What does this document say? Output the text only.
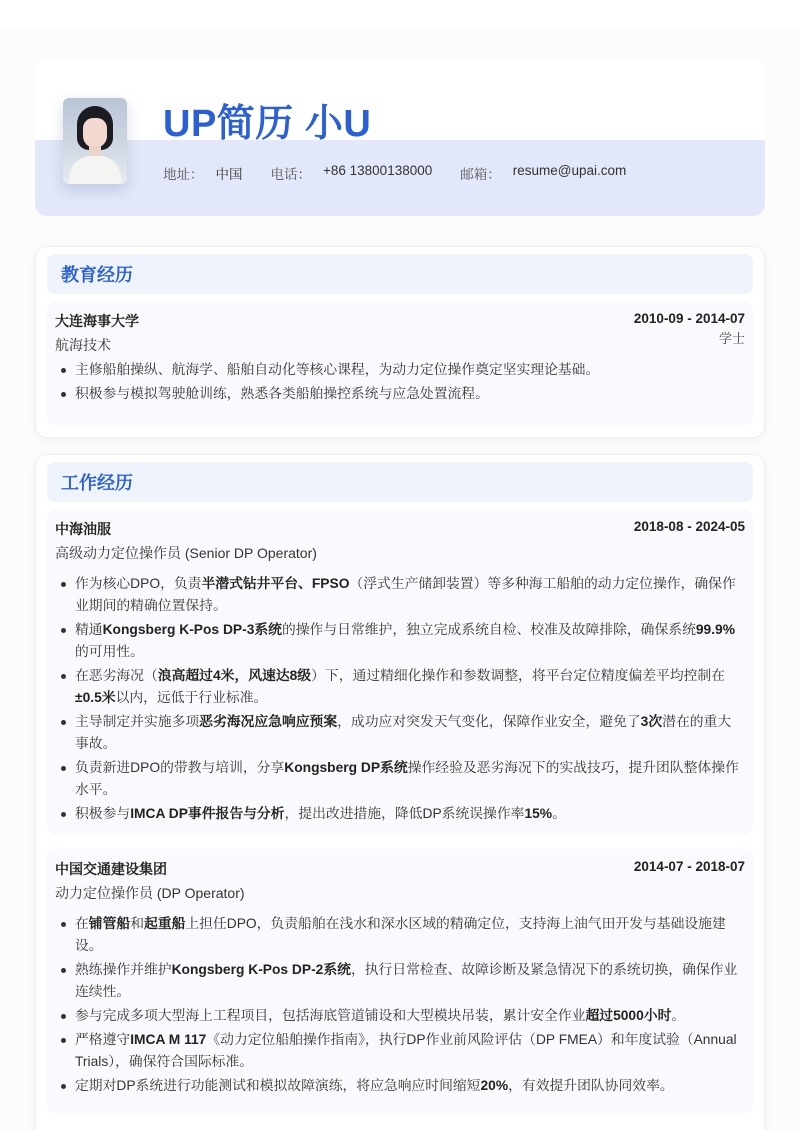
UP简历 小U
地址： 中国 电话： +86 13800138000 邮箱： resume@upai.com
教育经历
大连海事大学
航海技术
2010-09 - 2014-07
学士
主修船舶操纵、航海学、船舶自动化等核心课程，为动力定位操作奠定坚实理论基础。
积极参与模拟驾驶舱训练，熟悉各类船舶操控系统与应急处置流程。
工作经历
中海油服	2018-08 - 2024-05
高级动力定位操作员 (Senior DP Operator)
作为核心DPO，负责半潜式钻井平台、FPSO（浮式生产储卸装置）等多种海工船舶的动力定位操作，确保作业期间的精确位置保持。
精通Kongsberg K-Pos DP-3系统的操作与日常维护，独立完成系统自检、校准及故障排除，确保系统99.9%的可用性。
在恶劣海况（浪高超过4米，风速达8级）下，通过精细化操作和参数调整，将平台定位精度偏差平均控制在±0.5米以内，远低于行业标准。
主导制定并实施多项恶劣海况应急响应预案，成功应对突发天气变化，保障作业安全，避免了3次潜在的重大事故。
负责新进DPO的带教与培训，分享Kongsberg DP系统操作经验及恶劣海况下的实战技巧，提升团队整体操作水平。
积极参与IMCA DP事件报告与分析，提出改进措施，降低DP系统误操作率15%。
中国交通建设集团	2014-07 - 2018-07
动力定位操作员 (DP Operator)
在铺管船和起重船上担任DPO，负责船舶在浅水和深水区域的精确定位，支持海上油气田开发与基础设施建设。
熟练操作并维护Kongsberg K-Pos DP-2系统，执行日常检查、故障诊断及紧急情况下的系统切换，确保作业连续性。
参与完成多项大型海上工程项目，包括海底管道铺设和大型模块吊装，累计安全作业超过5000小时。
严格遵守IMCA M 117《动力定位船舶操作指南》，执行DP作业前风险评估（DP FMEA）和年度试验（Annual Trials），确保符合国际标准。
定期对DP系统进行功能测试和模拟故障演练，将应急响应时间缩短20%，有效提升团队协同效率。
